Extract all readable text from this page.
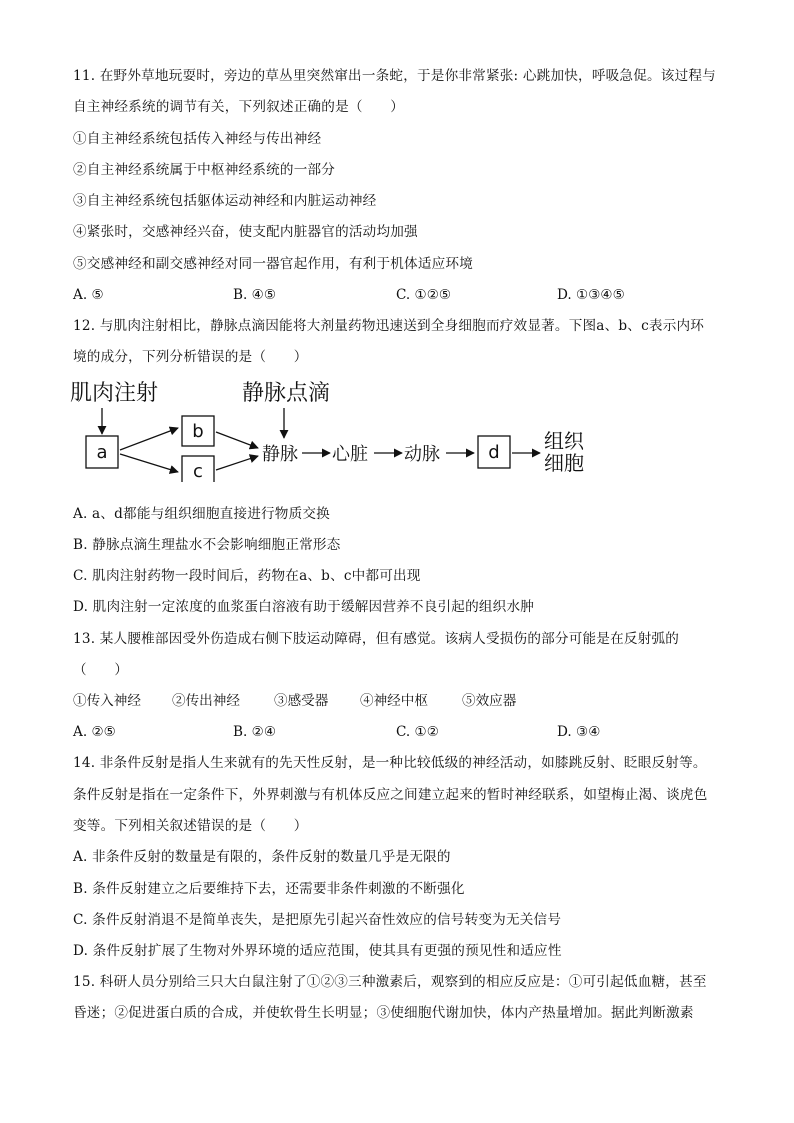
11. 在野外草地玩耍时，旁边的草丛里突然窜出一条蛇，于是你非常紧张: 心跳加快，呼吸急促。该过程与
自主神经系统的调节有关，下列叙述正确的是（　　）
①自主神经系统包括传入神经与传出神经
②自主神经系统属于中枢神经系统的一部分
③自主神经系统包括躯体运动神经和内脏运动神经
④紧张时，交感神经兴奋，使支配内脏器官的活动均加强
⑤交感神经和副交感神经对同一器官起作用，有利于机体适应环境
A. ⑤	B. ④⑤	C. ①②⑤	D. ①③④⑤
12. 与肌肉注射相比，静脉点滴因能将大剂量药物迅速送到全身细胞而疗效显著。下图a、b、c表示内环
境的成分，下列分析错误的是（　　）
肌肉注射	静脉点滴
a
b
c
静脉 心脏 动脉	d 组织
细胞
A. a、d都能与组织细胞直接进行物质交换
B. 静脉点滴生理盐水不会影响细胞正常形态
C. 肌肉注射药物一段时间后，药物在a、b、c中都可出现
D. 肌肉注射一定浓度的血浆蛋白溶液有助于缓解因营养不良引起的组织水肿
13. 某人腰椎部因受外伤造成右侧下肢运动障碍，但有感觉。该病人受损伤的部分可能是在反射弧的
（　　）
①传入神经 ②传出神经	③感受器 ④神经中枢	⑤效应器
A. ②⑤	B. ②④	C. ①②	D. ③④
14. 非条件反射是指人生来就有的先天性反射，是一种比较低级的神经活动，如膝跳反射、眨眼反射等。
条件反射是指在一定条件下，外界刺激与有机体反应之间建立起来的暂时神经联系，如望梅止渴、谈虎色
变等。下列相关叙述错误的是（　　）
A. 非条件反射的数量是有限的，条件反射的数量几乎是无限的
B. 条件反射建立之后要维持下去，还需要非条件刺激的不断强化
C. 条件反射消退不是简单丧失，是把原先引起兴奋性效应的信号转变为无关信号
D. 条件反射扩展了生物对外界环境的适应范围，使其具有更强的预见性和适应性
15. 科研人员分别给三只大白鼠注射了①②③三种激素后，观察到的相应反应是：①可引起低血糖，甚至
昏迷；②促进蛋白质的合成，并使软骨生长明显；③使细胞代谢加快，体内产热量增加。据此判断激素
